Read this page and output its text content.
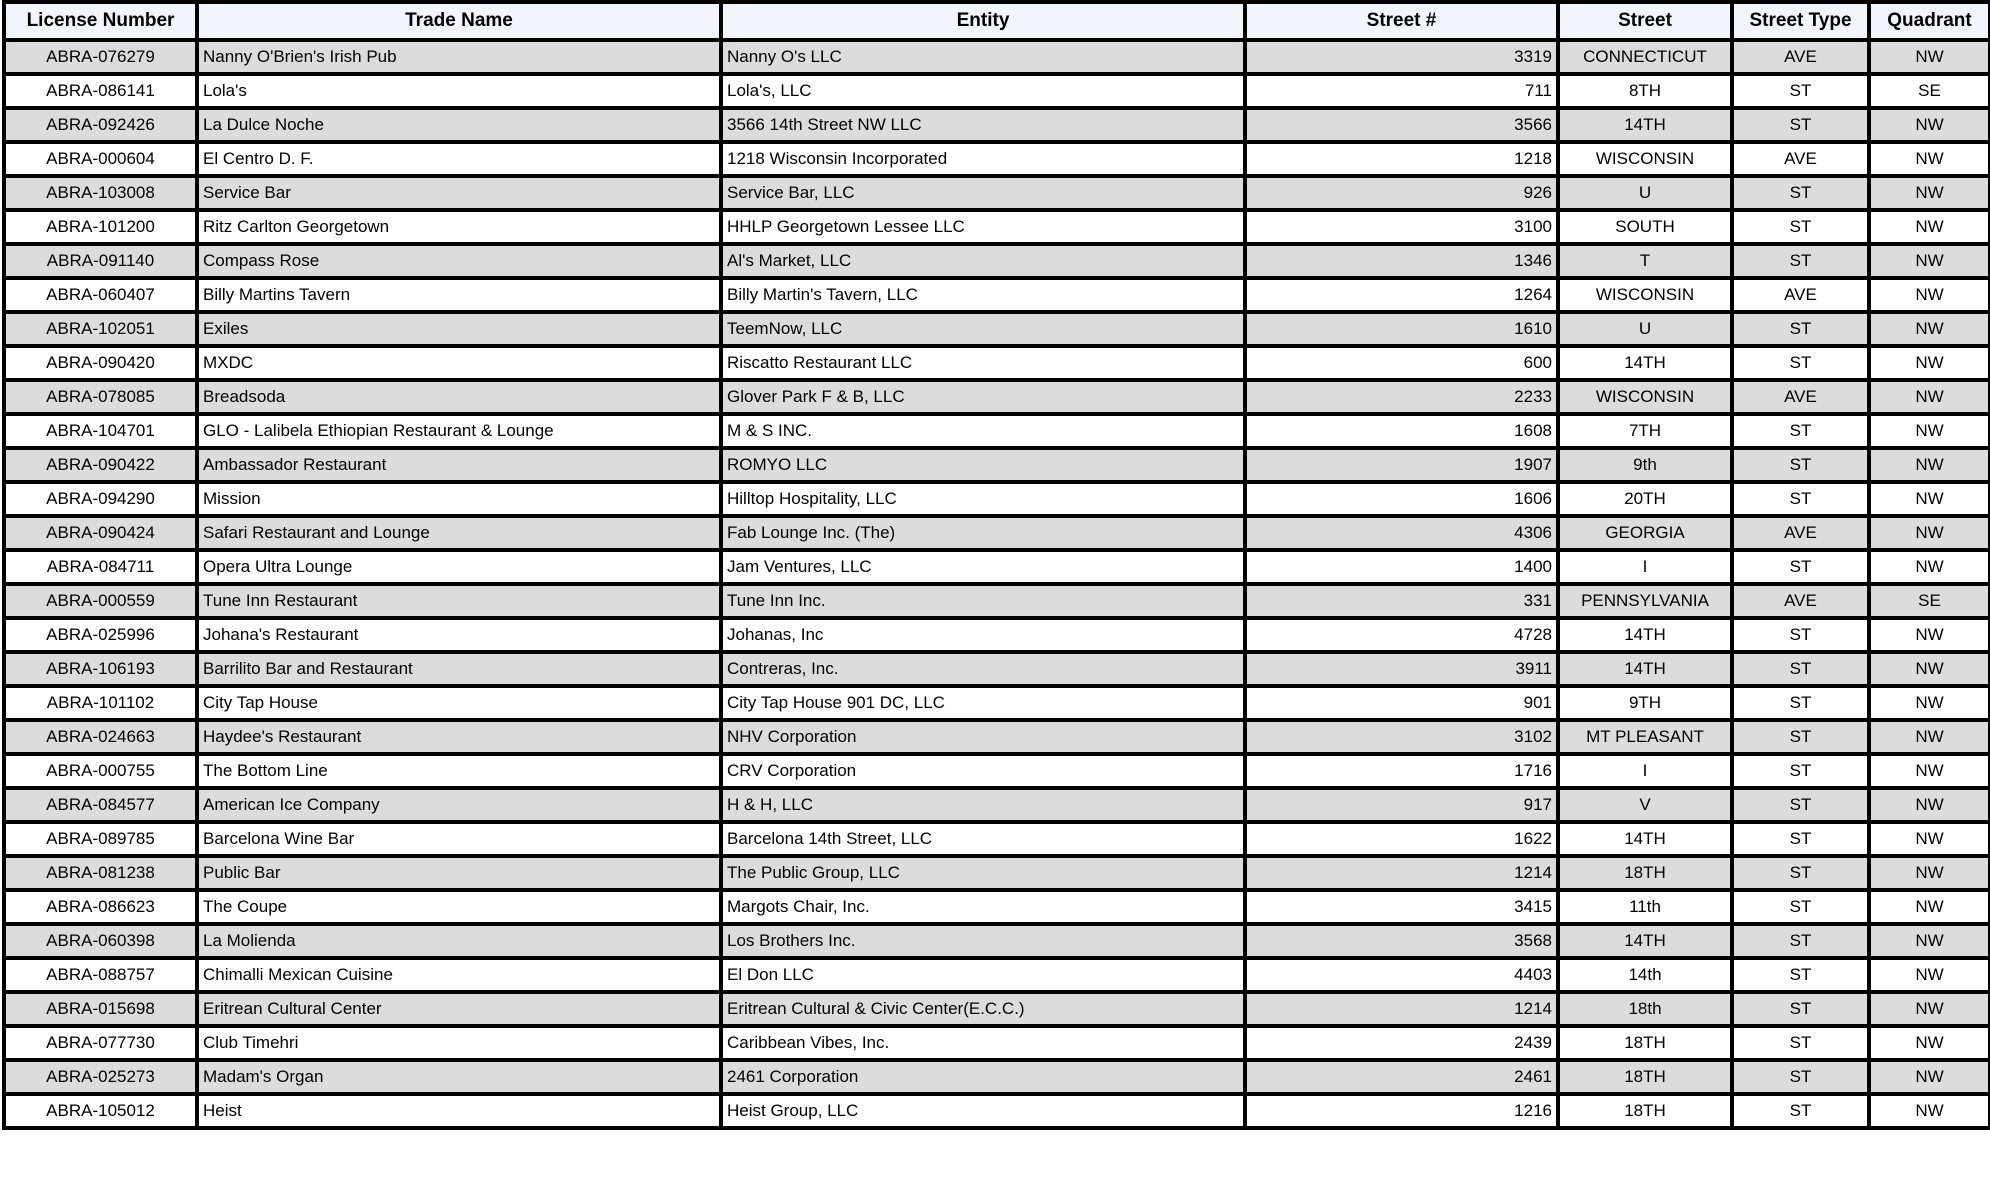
License Number	Trade Name	Entity	Street #	Street	Street Type	Quadrant
ABRA-076279	Nanny O'Brien's Irish Pub	Nanny O's LLC	3319	CONNECTICUT	AVE	NW
ABRA-086141	Lola's	Lola's, LLC	711	8TH	ST	SE
ABRA-092426	La Dulce Noche	3566 14th Street NW LLC	3566	14TH	ST	NW
ABRA-000604	El Centro D. F.	1218 Wisconsin Incorporated	1218	WISCONSIN	AVE	NW
ABRA-103008	Service Bar	Service Bar, LLC	926	U	ST	NW
ABRA-101200	Ritz Carlton Georgetown	HHLP Georgetown Lessee LLC	3100	SOUTH	ST	NW
ABRA-091140	Compass Rose	Al's Market, LLC	1346	T	ST	NW
ABRA-060407	Billy Martins Tavern	Billy Martin's Tavern, LLC	1264	WISCONSIN	AVE	NW
ABRA-102051	Exiles	TeemNow, LLC	1610	U	ST	NW
ABRA-090420	MXDC	Riscatto Restaurant LLC	600	14TH	ST	NW
ABRA-078085	Breadsoda	Glover Park F & B, LLC	2233	WISCONSIN	AVE	NW
ABRA-104701	GLO - Lalibela Ethiopian Restaurant & Lounge	M & S INC.	1608	7TH	ST	NW
ABRA-090422	Ambassador Restaurant	ROMYO LLC	1907	9th	ST	NW
ABRA-094290	Mission	Hilltop Hospitality, LLC	1606	20TH	ST	NW
ABRA-090424	Safari Restaurant and Lounge	Fab Lounge Inc. (The)	4306	GEORGIA	AVE	NW
ABRA-084711	Opera Ultra Lounge	Jam Ventures, LLC	1400	I	ST	NW
ABRA-000559	Tune Inn Restaurant	Tune Inn Inc.	331	PENNSYLVANIA	AVE	SE
ABRA-025996	Johana's Restaurant	Johanas, Inc	4728	14TH	ST	NW
ABRA-106193	Barrilito Bar and Restaurant	Contreras, Inc.	3911	14TH	ST	NW
ABRA-101102	City Tap House	City Tap House 901 DC, LLC	901	9TH	ST	NW
ABRA-024663	Haydee's Restaurant	NHV Corporation	3102	MT PLEASANT	ST	NW
ABRA-000755	The Bottom Line	CRV Corporation	1716	I	ST	NW
ABRA-084577	American Ice Company	H & H, LLC	917	V	ST	NW
ABRA-089785	Barcelona Wine Bar	Barcelona 14th Street, LLC	1622	14TH	ST	NW
ABRA-081238	Public Bar	The Public Group, LLC	1214	18TH	ST	NW
ABRA-086623	The Coupe	Margots Chair, Inc.	3415	11th	ST	NW
ABRA-060398	La Molienda	Los Brothers Inc.	3568	14TH	ST	NW
ABRA-088757	Chimalli Mexican Cuisine	El Don LLC	4403	14th	ST	NW
ABRA-015698	Eritrean Cultural Center	Eritrean Cultural & Civic Center(E.C.C.)	1214	18th	ST	NW
ABRA-077730	Club Timehri	Caribbean Vibes, Inc.	2439	18TH	ST	NW
ABRA-025273	Madam's Organ	2461 Corporation	2461	18TH	ST	NW
ABRA-105012	Heist	Heist Group, LLC	1216	18TH	ST	NW
